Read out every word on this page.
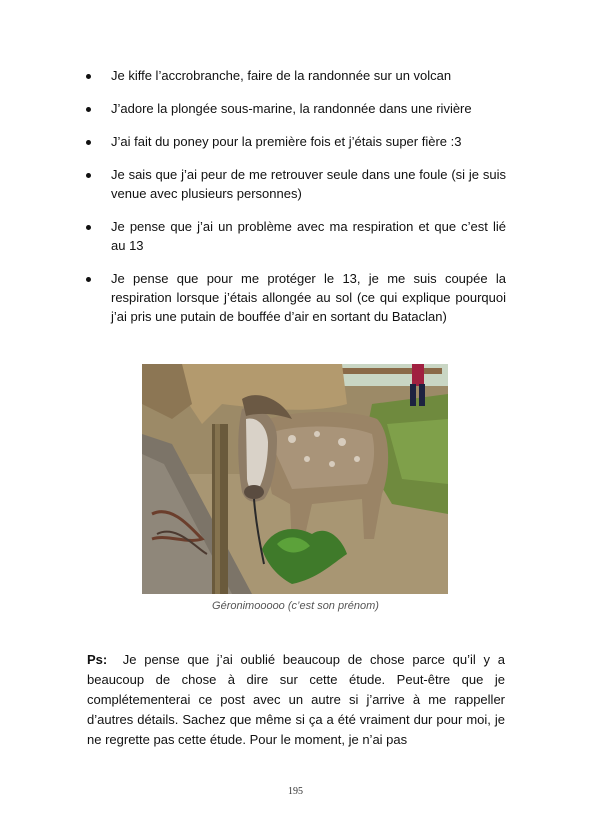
Je kiffe l’accrobranche, faire de la randonnée sur un volcan
J’adore la plongée sous-marine, la randonnée dans une rivière
J’ai fait du poney pour la première fois et j’étais super fière :3
Je sais que j’ai peur de me retrouver seule dans une foule (si je suis venue avec plusieurs personnes)
Je pense que j’ai un problème avec ma respiration et que c’est lié au 13
Je pense que pour me protéger le 13, je me suis coupée la respiration lorsque j’étais allongée au sol (ce qui explique pourquoi j’ai pris une putain de bouffée d’air en sortant du Bataclan)
Géronimooooo (c’est son prénom)
Ps: Je pense que j’ai oublié beaucoup de chose parce qu’il y a beaucoup de chose à dire sur cette étude. Peut-être que je complétementerai ce post avec un autre si j’arrive à me rappeller d’autres détails. Sachez que même si ça a été vraiment dur pour moi, je ne regrette pas cette étude. Pour le moment, je n’ai pas
195
